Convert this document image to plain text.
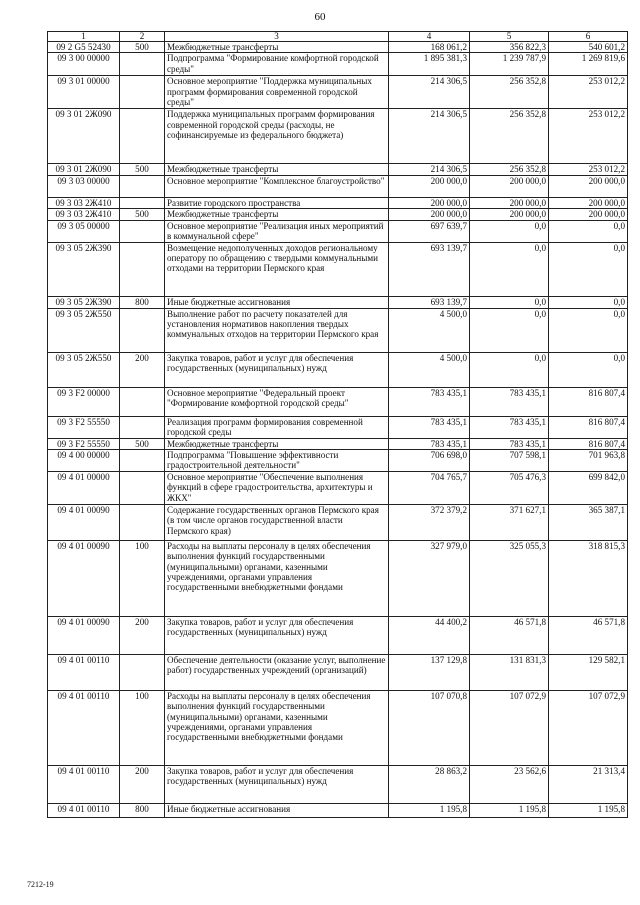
60
1	2	3	4	5	6
09 2 G5 52430	500	Межбюджетные трансферты	168 061,2	356 822,3	540 601,2
09 3 00 00000		Подпрограмма "Формирование комфортной городской среды"	1 895 381,3	1 239 787,9	1 269 819,6
09 3 01 00000		Основное мероприятие "Поддержка муниципальных программ формирования современной городской среды"	214 306,5	256 352,8	253 012,2
09 3 01 2Ж090		Поддержка муниципальных программ формирования современной городской среды (расходы, не софинансируемые из федерального бюджета)	214 306,5	256 352,8	253 012,2
09 3 01 2Ж090	500	Межбюджетные трансферты	214 306,5	256 352,8	253 012,2
09 3 03 00000		Основное мероприятие "Комплексное благоустройство"	200 000,0	200 000,0	200 000,0
09 3 03 2Ж410		Развитие городского пространства	200 000,0	200 000,0	200 000,0
09 3 03 2Ж410	500	Межбюджетные трансферты	200 000,0	200 000,0	200 000,0
09 3 05 00000		Основное мероприятие "Реализация иных мероприятий в коммунальной сфере"	697 639,7	0,0	0,0
09 3 05 2Ж390		Возмещение недополученных доходов региональному оператору по обращению с твердыми коммунальными отходами на территории Пермского края	693 139,7	0,0	0,0
09 3 05 2Ж390	800	Иные бюджетные ассигнования	693 139,7	0,0	0,0
09 3 05 2Ж550		Выполнение работ по расчету показателей для установления нормативов накопления твердых коммунальных отходов на территории Пермского края	4 500,0	0,0	0,0
09 3 05 2Ж550	200	Закупка товаров, работ и услуг для обеспечения государственных (муниципальных) нужд	4 500,0	0,0	0,0
09 3 F2 00000		Основное мероприятие "Федеральный проект "Формирование комфортной городской среды"	783 435,1	783 435,1	816 807,4
09 3 F2 55550		Реализация программ формирования современной городской среды	783 435,1	783 435,1	816 807,4
09 3 F2 55550	500	Межбюджетные трансферты	783 435,1	783 435,1	816 807,4
09 4 00 00000		Подпрограмма "Повышение эффективности градостроительной деятельности"	706 698,0	707 598,1	701 963,8
09 4 01 00000		Основное мероприятие "Обеспечение выполнения функций в сфере градостроительства, архитектуры и ЖКХ"	704 765,7	705 476,3	699 842,0
09 4 01 00090		Содержание государственных органов Пермского края (в том числе органов государственной власти Пермского края)	372 379,2	371 627,1	365 387,1
09 4 01 00090	100	Расходы на выплаты персоналу в целях обеспечения выполнения функций государственными (муниципальными) органами, казенными учреждениями, органами управления государственными внебюджетными фондами	327 979,0	325 055,3	318 815,3
09 4 01 00090	200	Закупка товаров, работ и услуг для обеспечения государственных (муниципальных) нужд	44 400,2	46 571,8	46 571,8
09 4 01 00110		Обеспечение деятельности (оказание услуг, выполнение работ) государственных учреждений (организаций)	137 129,8	131 831,3	129 582,1
09 4 01 00110	100	Расходы на выплаты персоналу в целях обеспечения выполнения функций государственными (муниципальными) органами, казенными учреждениями, органами управления государственными внебюджетными фондами	107 070,8	107 072,9	107 072,9
09 4 01 00110	200	Закупка товаров, работ и услуг для обеспечения государственных (муниципальных) нужд	28 863,2	23 562,6	21 313,4
09 4 01 00110	800	Иные бюджетные ассигнования	1 195,8	1 195,8	1 195,8
7212-19
